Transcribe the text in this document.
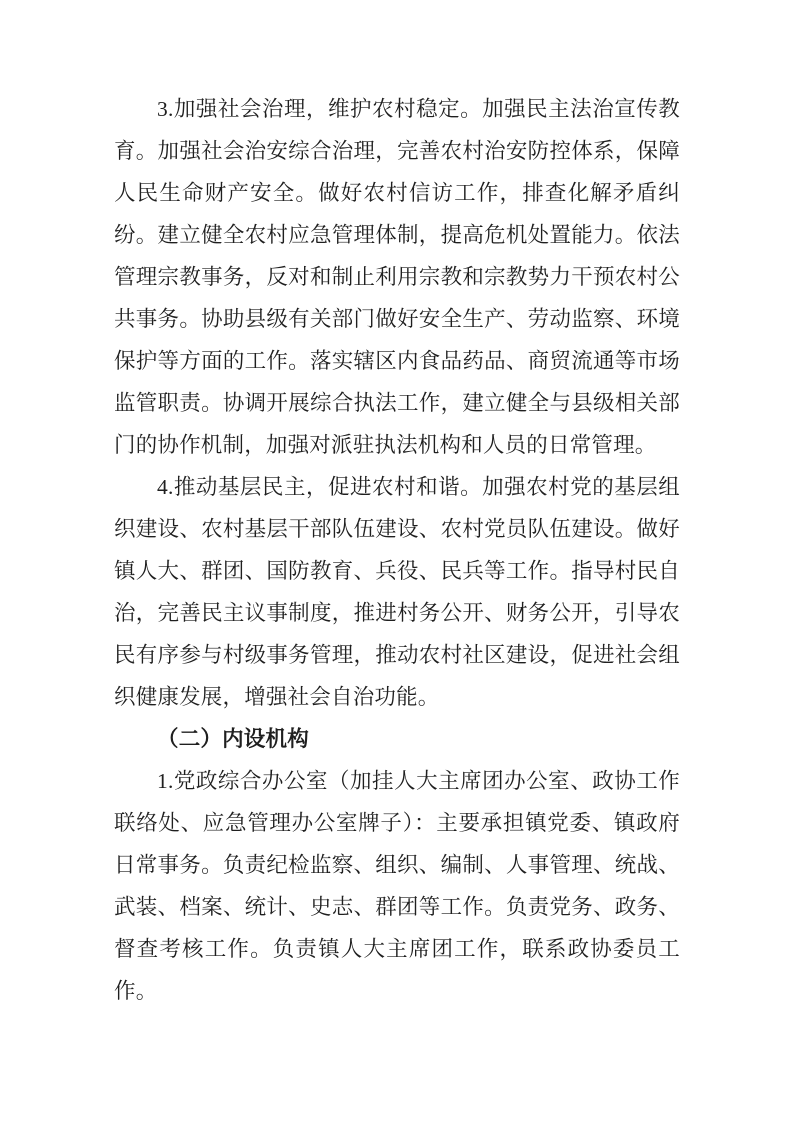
3.加强社会治理，维护农村稳定。加强民主法治宣传教育。加强社会治安综合治理，完善农村治安防控体系，保障人民生命财产安全。做好农村信访工作，排查化解矛盾纠纷。建立健全农村应急管理体制，提高危机处置能力。依法管理宗教事务，反对和制止利用宗教和宗教势力干预农村公共事务。协助县级有关部门做好安全生产、劳动监察、环境保护等方面的工作。落实辖区内食品药品、商贸流通等市场监管职责。协调开展综合执法工作，建立健全与县级相关部门的协作机制，加强对派驻执法机构和人员的日常管理。

4.推动基层民主，促进农村和谐。加强农村党的基层组织建设、农村基层干部队伍建设、农村党员队伍建设。做好镇人大、群团、国防教育、兵役、民兵等工作。指导村民自治，完善民主议事制度，推进村务公开、财务公开，引导农民有序参与村级事务管理，推动农村社区建设，促进社会组织健康发展，增强社会自治功能。

（二）内设机构

1.党政综合办公室（加挂人大主席团办公室、政协工作联络处、应急管理办公室牌子）：主要承担镇党委、镇政府日常事务。负责纪检监察、组织、编制、人事管理、统战、武装、档案、统计、史志、群团等工作。负责党务、政务、督查考核工作。负责镇人大主席团工作，联系政协委员工作。
